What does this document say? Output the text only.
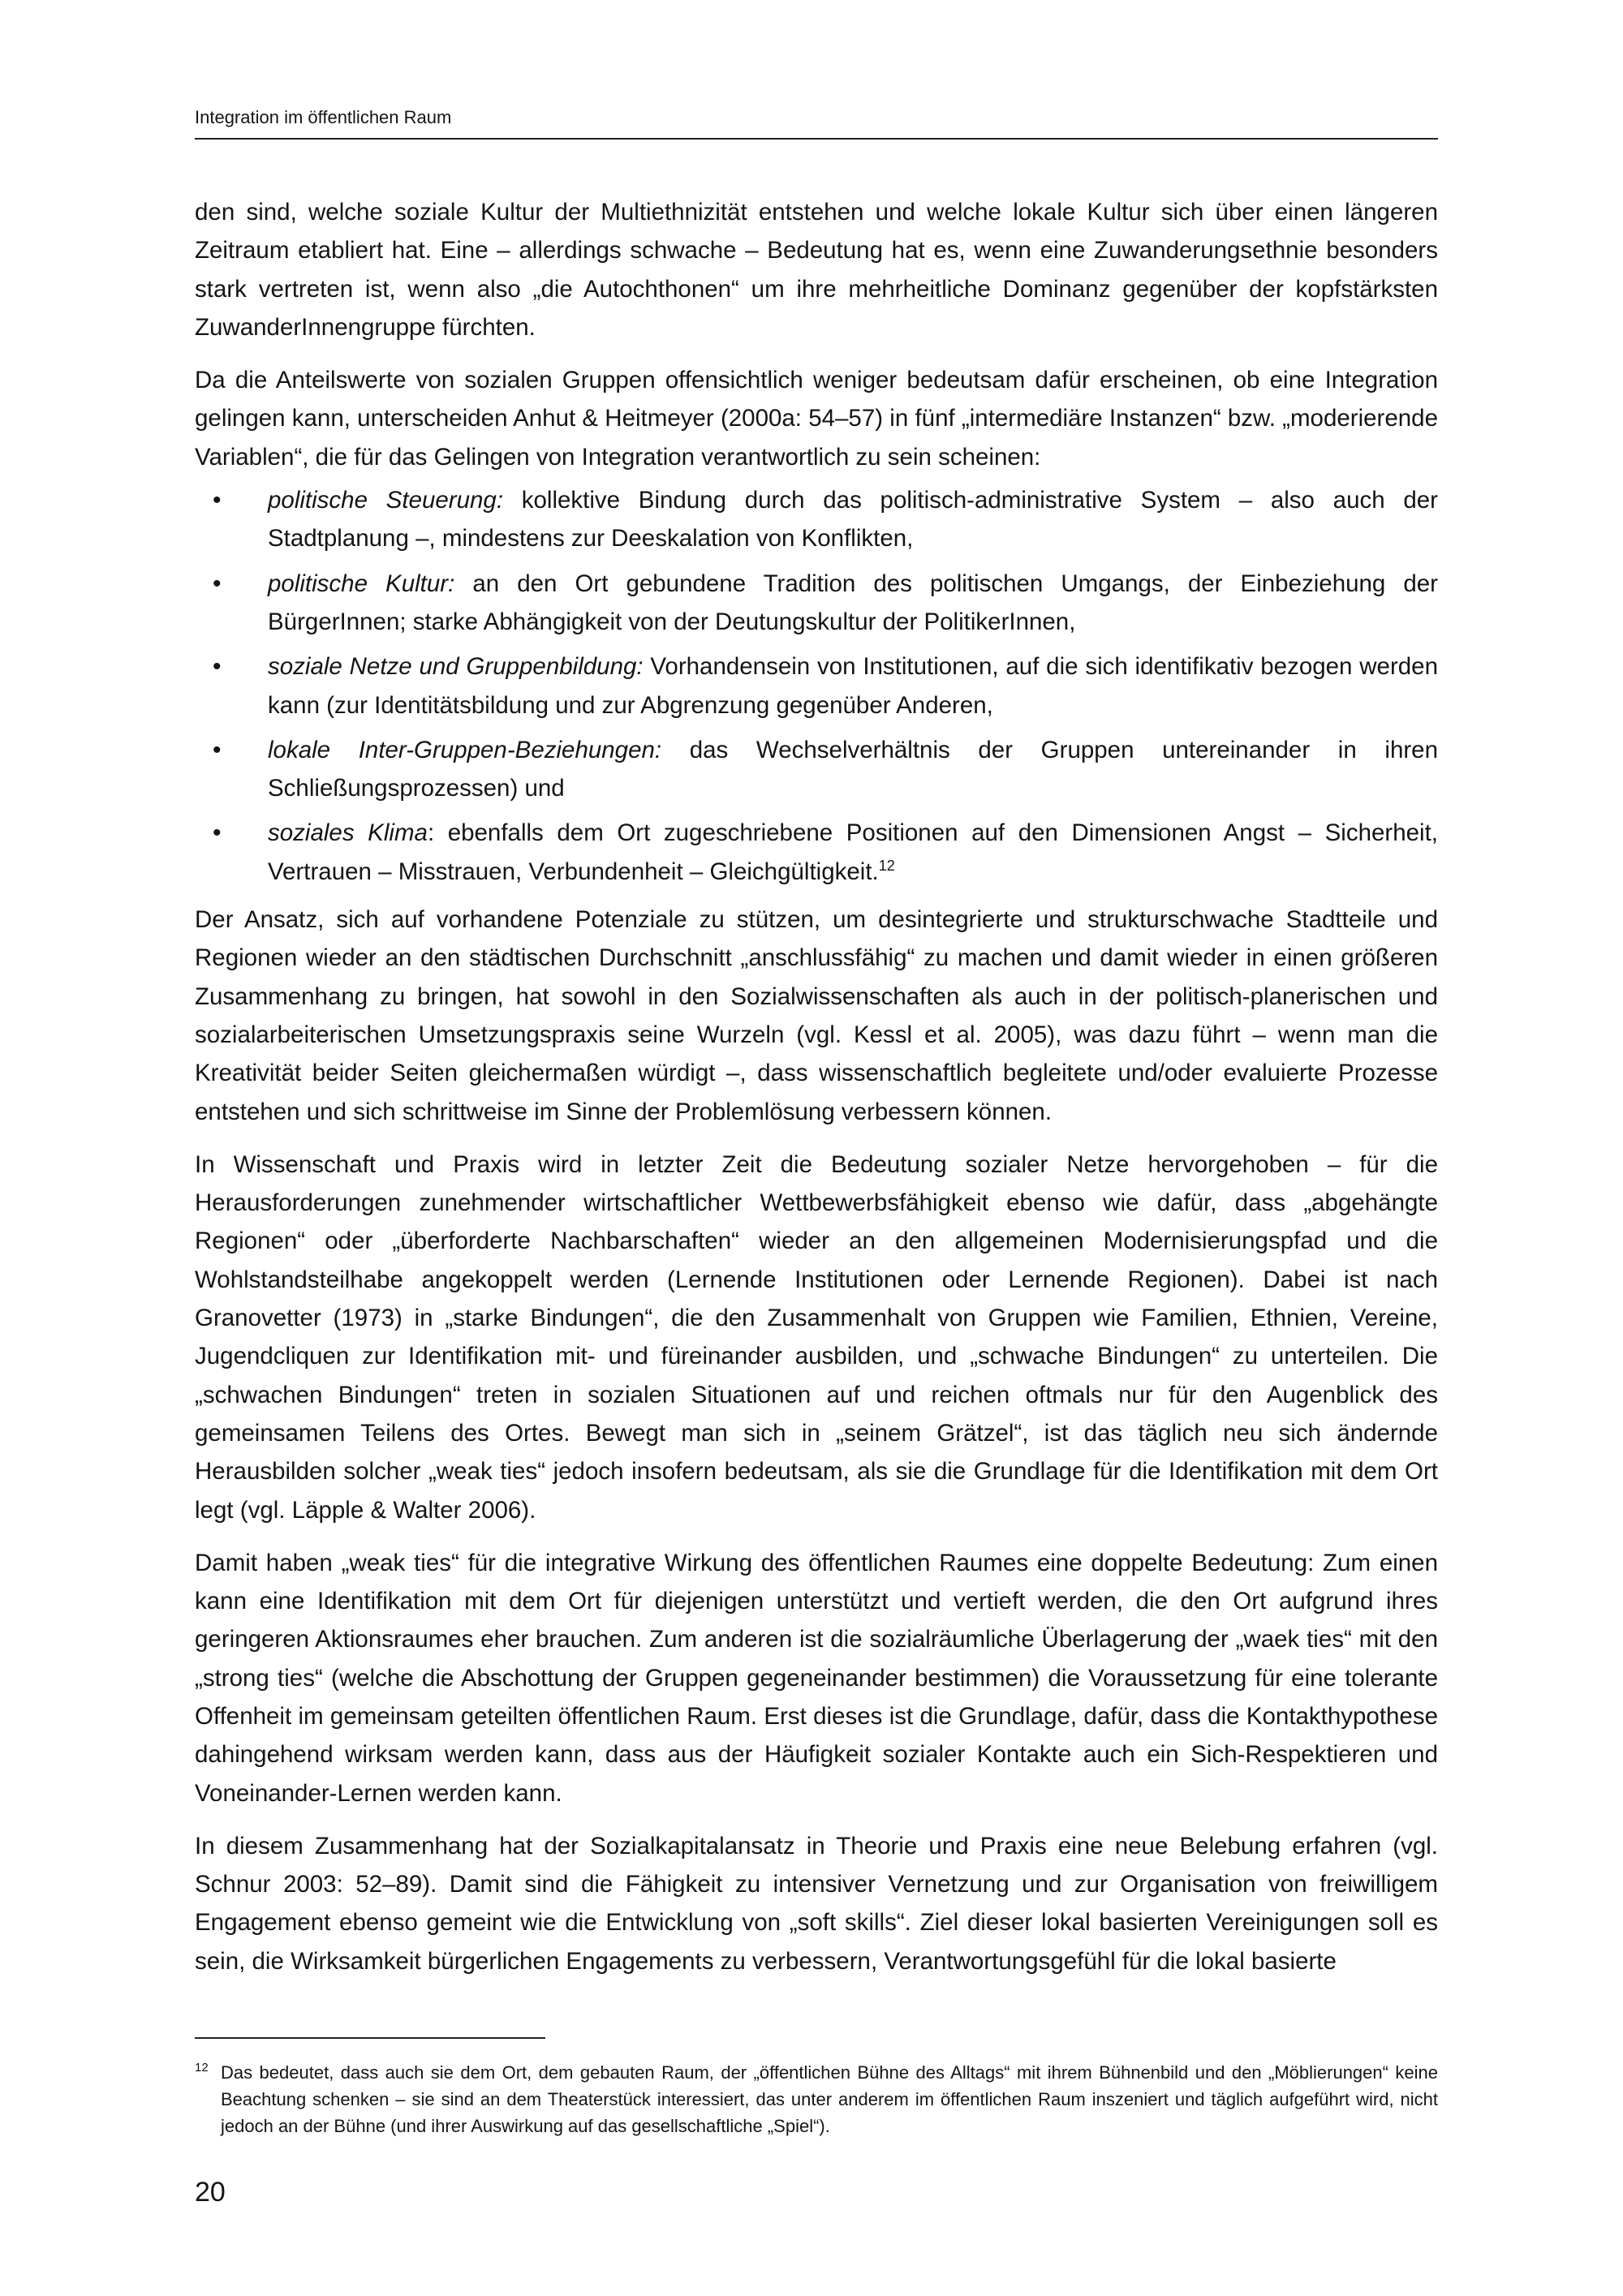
Integration im öffentlichen Raum

den sind, welche soziale Kultur der Multiethnizität entstehen und welche lokale Kultur sich über einen längeren Zeitraum etabliert hat. Eine – allerdings schwache – Bedeutung hat es, wenn eine Zuwanderungsethnie besonders stark vertreten ist, wenn also „die Autochthonen“ um ihre mehrheitliche Dominanz gegenüber der kopfstärksten ZuwanderInnengruppe fürchten.

Da die Anteilswerte von sozialen Gruppen offensichtlich weniger bedeutsam dafür erscheinen, ob eine Integration gelingen kann, unterscheiden Anhut & Heitmeyer (2000a: 54–57) in fünf „intermediäre Instanzen“ bzw. „moderierende Variablen“, die für das Gelingen von Integration verantwortlich zu sein scheinen:

• politische Steuerung: kollektive Bindung durch das politisch-administrative System – also auch der Stadtplanung –, mindestens zur Deeskalation von Konflikten,
• politische Kultur: an den Ort gebundene Tradition des politischen Umgangs, der Einbeziehung der BürgerInnen; starke Abhängigkeit von der Deutungskultur der PolitikerInnen,
• soziale Netze und Gruppenbildung: Vorhandensein von Institutionen, auf die sich identifikativ bezogen werden kann (zur Identitätsbildung und zur Abgrenzung gegenüber Anderen,
• lokale Inter-Gruppen-Beziehungen: das Wechselverhältnis der Gruppen untereinander in ihren Schließungsprozessen) und
• soziales Klima: ebenfalls dem Ort zugeschriebene Positionen auf den Dimensionen Angst – Sicherheit, Vertrauen – Misstrauen, Verbundenheit – Gleichgültigkeit.$^{12}$

Der Ansatz, sich auf vorhandene Potenziale zu stützen, um desintegrierte und strukturschwache Stadtteile und Regionen wieder an den städtischen Durchschnitt „anschlussfähig“ zu machen und damit wieder in einen größeren Zusammenhang zu bringen, hat sowohl in den Sozialwissenschaften als auch in der politisch-planerischen und sozialarbeiterischen Umsetzungspraxis seine Wurzeln (vgl. Kessl et al. 2005), was dazu führt – wenn man die Kreativität beider Seiten gleichermaßen würdigt –, dass wissenschaftlich begleitete und/oder evaluierte Prozesse entstehen und sich schrittweise im Sinne der Problemlösung verbessern können.

In Wissenschaft und Praxis wird in letzter Zeit die Bedeutung sozialer Netze hervorgehoben – für die Herausforderungen zunehmender wirtschaftlicher Wettbewerbsfähigkeit ebenso wie dafür, dass „abgehängte Regionen“ oder „überforderte Nachbarschaften“ wieder an den allgemeinen Modernisierungspfad und die Wohlstandsteilhabe angekoppelt werden (Lernende Institutionen oder Lernende Regionen). Dabei ist nach Granovetter (1973) in „starke Bindungen“, die den Zusammenhalt von Gruppen wie Familien, Ethnien, Vereine, Jugendcliquen zur Identifikation mit- und füreinander ausbilden, und „schwache Bindungen“ zu unterteilen. Die „schwachen Bindungen“ treten in sozialen Situationen auf und reichen oftmals nur für den Augenblick des gemeinsamen Teilens des Ortes. Bewegt man sich in „seinem Grätzel“, ist das täglich neu sich ändernde Herausbilden solcher „weak ties“ jedoch insofern bedeutsam, als sie die Grundlage für die Identifikation mit dem Ort legt (vgl. Läpple & Walter 2006).

Damit haben „weak ties“ für die integrative Wirkung des öffentlichen Raumes eine doppelte Bedeutung: Zum einen kann eine Identifikation mit dem Ort für diejenigen unterstützt und vertieft werden, die den Ort aufgrund ihres geringeren Aktionsraumes eher brauchen. Zum anderen ist die sozialräumliche Überlagerung der „waek ties“ mit den „strong ties“ (welche die Abschottung der Gruppen gegeneinander bestimmen) die Voraussetzung für eine tolerante Offenheit im gemeinsam geteilten öffentlichen Raum. Erst dieses ist die Grundlage, dafür, dass die Kontakthypothese dahingehend wirksam werden kann, dass aus der Häufigkeit sozialer Kontakte auch ein Sich-Respektieren und Voneinander-Lernen werden kann.

In diesem Zusammenhang hat der Sozialkapitalansatz in Theorie und Praxis eine neue Belebung erfahren (vgl. Schnur 2003: 52–89). Damit sind die Fähigkeit zu intensiver Vernetzung und zur Organisation von freiwilligem Engagement ebenso gemeint wie die Entwicklung von „soft skills“. Ziel dieser lokal basierten Vereinigungen soll es sein, die Wirksamkeit bürgerlichen Engagements zu verbessern, Verantwortungsgefühl für die lokal basierte

12 Das bedeutet, dass auch sie dem Ort, dem gebauten Raum, der „öffentlichen Bühne des Alltags“ mit ihrem Bühnenbild und den „Möblierungen“ keine Beachtung schenken – sie sind an dem Theaterstück interessiert, das unter anderem im öffentlichen Raum inszeniert und täglich aufgeführt wird, nicht jedoch an der Bühne (und ihrer Auswirkung auf das gesellschaftliche „Spiel“).
20
